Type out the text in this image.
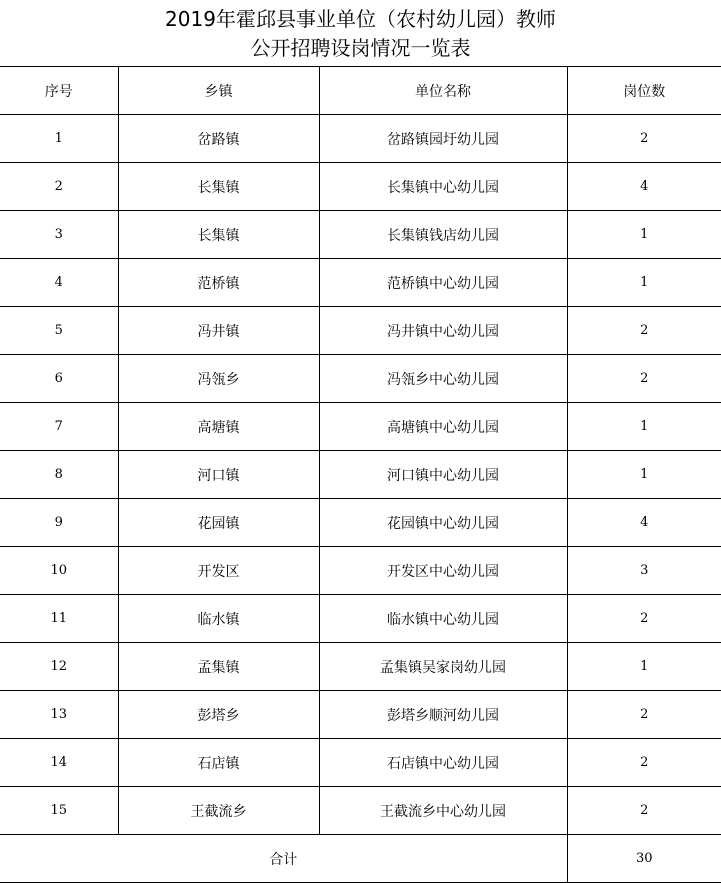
2019年霍邱县事业单位（农村幼儿园）教师
公开招聘设岗情况一览表
序号	乡镇	单位名称	岗位数
1	岔路镇	岔路镇园圩幼儿园	2
2	长集镇	长集镇中心幼儿园	4
3	长集镇	长集镇钱店幼儿园	1
4	范桥镇	范桥镇中心幼儿园	1
5	冯井镇	冯井镇中心幼儿园	2
6	冯瓴乡	冯瓴乡中心幼儿园	2
7	高塘镇	高塘镇中心幼儿园	1
8	河口镇	河口镇中心幼儿园	1
9	花园镇	花园镇中心幼儿园	4
10	开发区	开发区中心幼儿园	3
11	临水镇	临水镇中心幼儿园	2
12	孟集镇	孟集镇吴家岗幼儿园	1
13	彭塔乡	彭塔乡顺河幼儿园	2
14	石店镇	石店镇中心幼儿园	2
15	王截流乡	王截流乡中心幼儿园	2
合计			30
